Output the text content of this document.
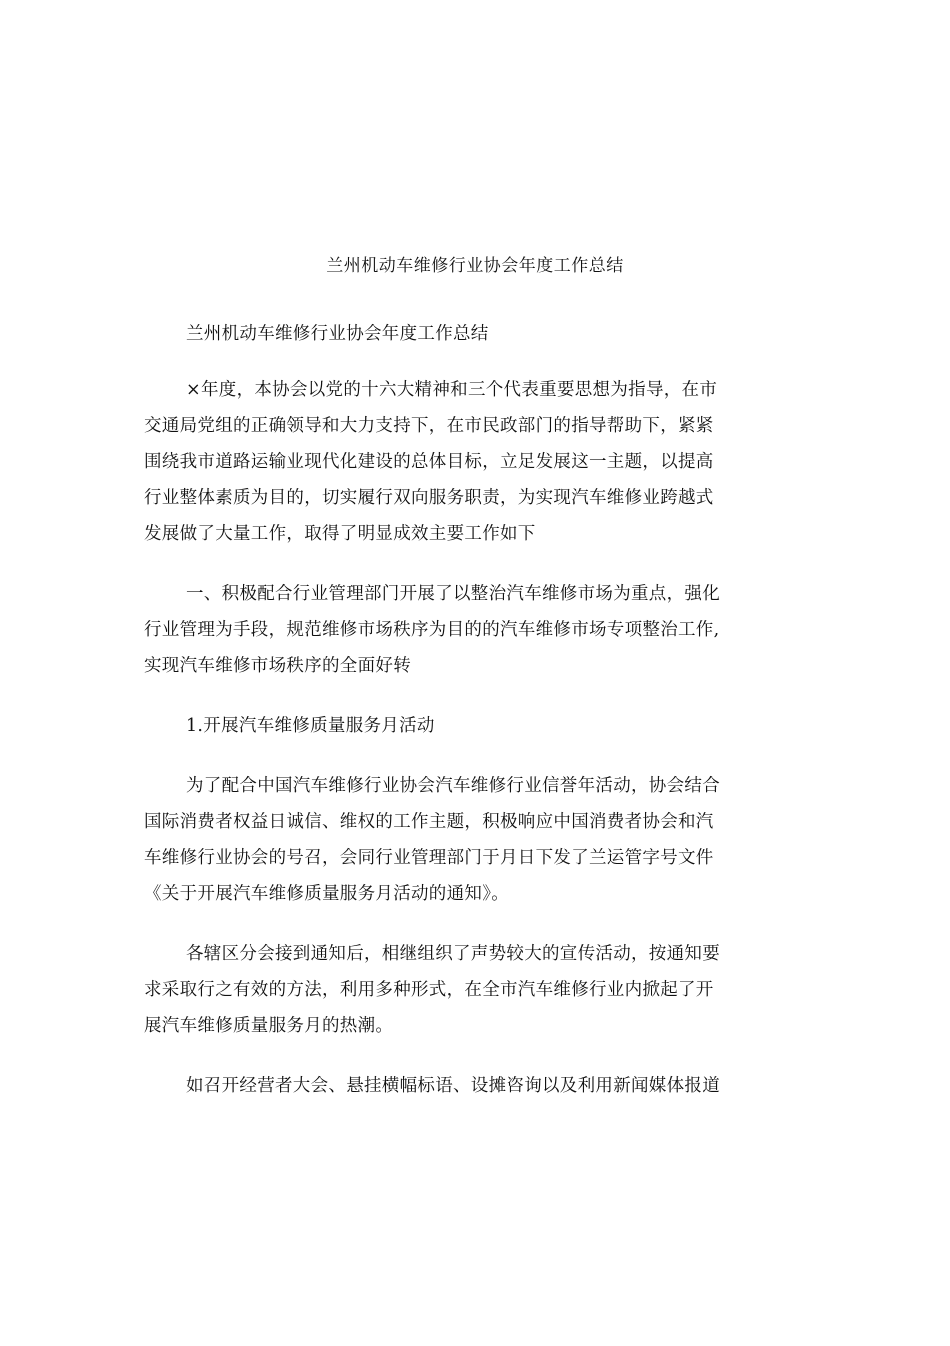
兰州机动车维修行业协会年度工作总结

兰州机动车维修行业协会年度工作总结

×年度，本协会以党的十六大精神和三个代表重要思想为指导，在市
交通局党组的正确领导和大力支持下，在市民政部门的指导帮助下，紧紧
围绕我市道路运输业现代化建设的总体目标，立足发展这一主题，以提高
行业整体素质为目的，切实履行双向服务职责，为实现汽车维修业跨越式
发展做了大量工作，取得了明显成效主要工作如下

一、积极配合行业管理部门开展了以整治汽车维修市场为重点，强化
行业管理为手段，规范维修市场秩序为目的的汽车维修市场专项整治工作,
实现汽车维修市场秩序的全面好转

1.开展汽车维修质量服务月活动

为了配合中国汽车维修行业协会汽车维修行业信誉年活动，协会结合
国际消费者权益日诚信、维权的工作主题，积极响应中国消费者协会和汽
车维修行业协会的号召，会同行业管理部门于月日下发了兰运管字号文件
《关于开展汽车维修质量服务月活动的通知》。

各辖区分会接到通知后，相继组织了声势较大的宣传活动，按通知要
求采取行之有效的方法，利用多种形式，在全市汽车维修行业内掀起了开
展汽车维修质量服务月的热潮。

如召开经营者大会、悬挂横幅标语、设摊咨询以及利用新闻媒体报道
